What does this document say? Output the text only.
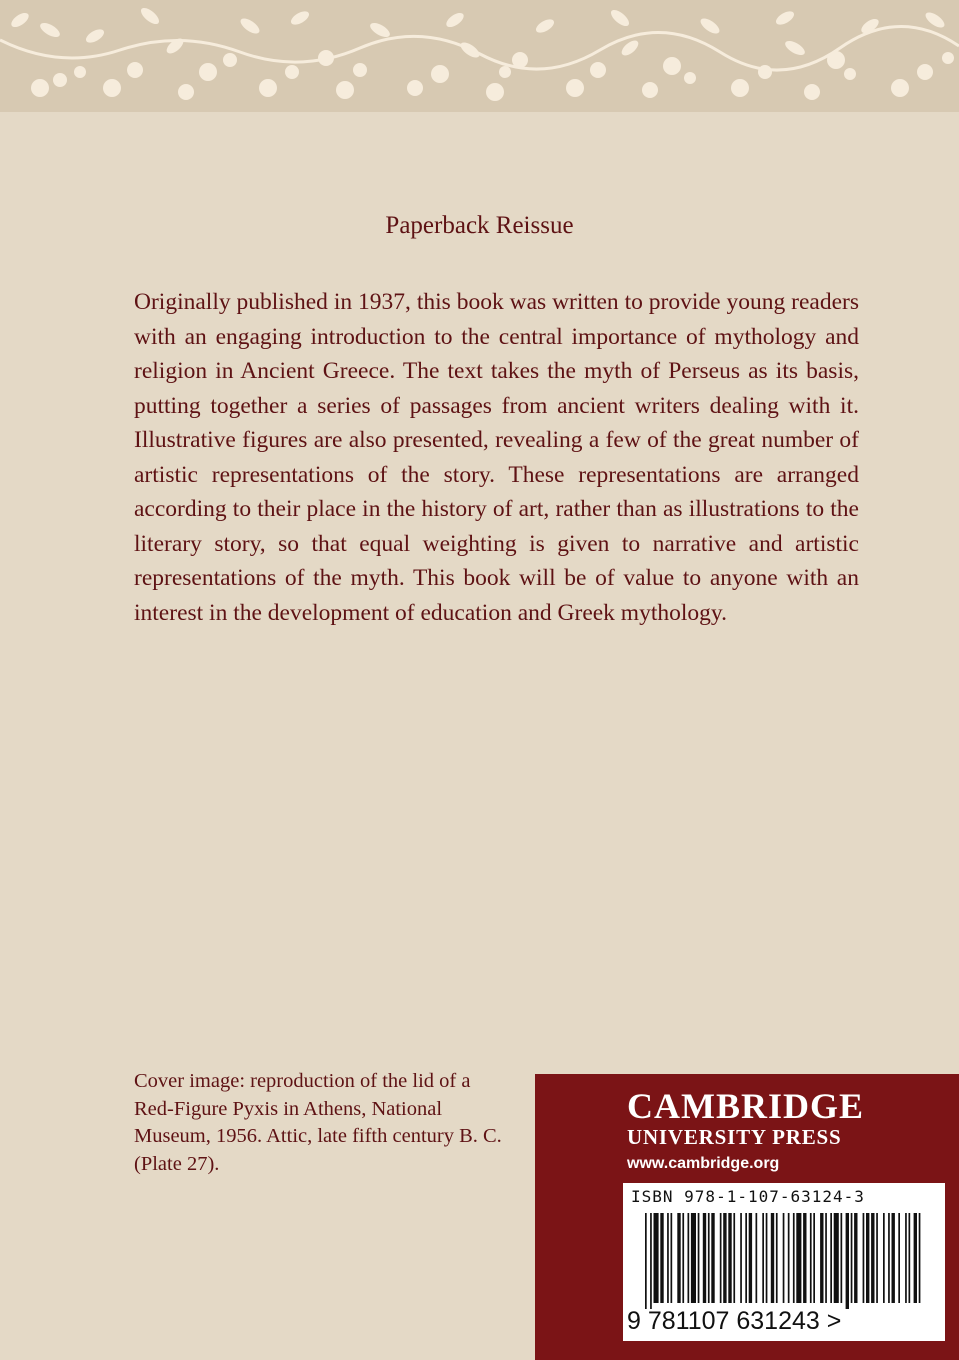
Paperback Reissue

Originally published in 1937, this book was written to provide young readers with an engaging introduction to the central importance of mythology and religion in Ancient Greece. The text takes the myth of Perseus as its basis, putting together a series of passages from ancient writers dealing with it. Illustrative figures are also presented, revealing a few of the great number of artistic representations of the story. These representations are arranged according to their place in the history of art, rather than as illustrations to the literary story, so that equal weighting is given to narrative and artistic representations of the myth. This book will be of value to anyone with an interest in the development of education and Greek mythology.

Cover image: reproduction of the lid of a Red-Figure Pyxis in Athens, National Museum, 1956. Attic, late fifth century B. C. (Plate 27).

CAMBRIDGE
UNIVERSITY PRESS
www.cambridge.org
ISBN 978-1-107-63124-3
9 781107 631243 >
